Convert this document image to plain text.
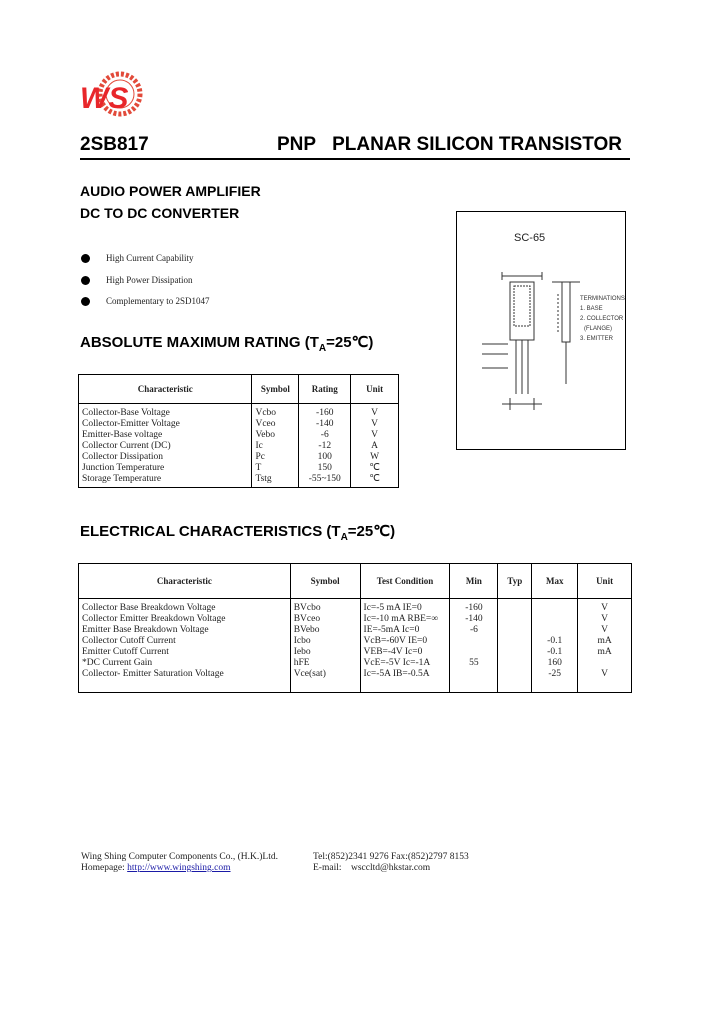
WS
2SB817	PNP PLANAR SILICON TRANSISTOR
AUDIO POWER AMPLIFIER
DC TO DC CONVERTER
High Current Capability
High Power Dissipation
Complementary to 2SD1047
ABSOLUTE MAXIMUM RATING $(T_A=25℃)$
Characteristic	Symbol	Rating	Unit
Collector-Base Voltage	Vcbo	-160	V
Collector-Emitter Voltage	Vceo	-140	V
Emitter-Base voltage	Vebo	-6	V
Collector Current (DC)	Ic	-12	A
Collector Dissipation	Pc	100	W
Junction Temperature	T	150	℃
Storage Temperature	Tstg	-55~150	℃
SC-65
TERMINATIONS
1. BASE
2. COLLECTOR
(FLANGE)
3. EMITTER
ELECTRICAL CHARACTERISTICS $(T_A=25℃)$
Characteristic	Symbol	Test Condition	Min	Typ	Max	Unit
Collector Base Breakdown Voltage	BVcbo	Ic=-5 mA IE=0	-160			V
Collector Emitter Breakdown Voltage	BVceo	Ic=-10 mA RBE=∞	-140			V
Emitter Base Breakdown Voltage	BVebo	IE=-5mA Ic=0	-6			V
Collector Cutoff Current	Icbo	VcB=-60V IE=0			-0.1	mA
Emitter Cutoff Current	Iebo	VEB=-4V Ic=0			-0.1	mA
*DC Current Gain	hFE	VcE=-5V Ic=-1A	55		160	
Collector- Emitter Saturation Voltage	Vce(sat)	Ic=-5A IB=-0.5A			-25	V
Wing Shing Computer Components Co., (H.K.)Ltd.	Tel:(852)2341 9276 Fax:(852)2797 8153
Homepage: http://www.wingshing.com	E-mail: wsccltd@hkstar.com
